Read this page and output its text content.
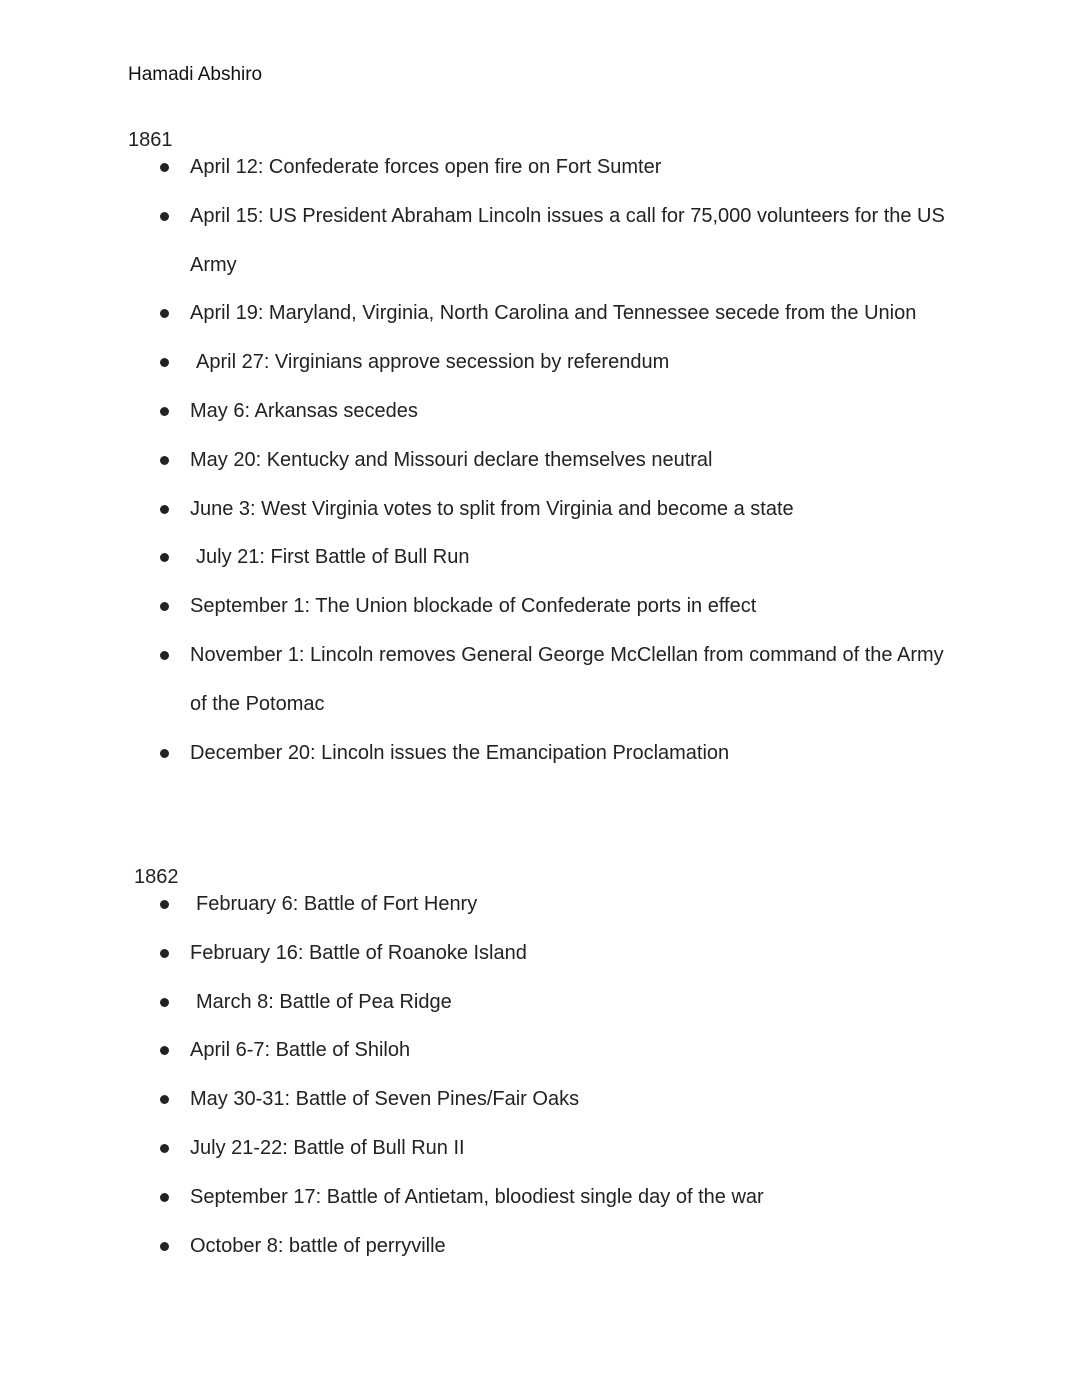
Hamadi Abshiro
1861
April 12: Confederate forces open fire on Fort Sumter
April 15: US President Abraham Lincoln issues a call for 75,000 volunteers for the US Army
April 19: Maryland, Virginia, North Carolina and Tennessee secede from the Union
April 27: Virginians approve secession by referendum
May 6: Arkansas secedes
May 20: Kentucky and Missouri declare themselves neutral
June 3: West Virginia votes to split from Virginia and become a state
July 21: First Battle of Bull Run
September 1: The Union blockade of Confederate ports in effect
November 1: Lincoln removes General George McClellan from command of the Army of the Potomac
December 20: Lincoln issues the Emancipation Proclamation
1862
February 6: Battle of Fort Henry
February 16: Battle of Roanoke Island
March 8: Battle of Pea Ridge
April 6-7: Battle of Shiloh
May 30-31: Battle of Seven Pines/Fair Oaks
July 21-22: Battle of Bull Run II
September 17: Battle of Antietam, bloodiest single day of the war
October 8: battle of perryville
